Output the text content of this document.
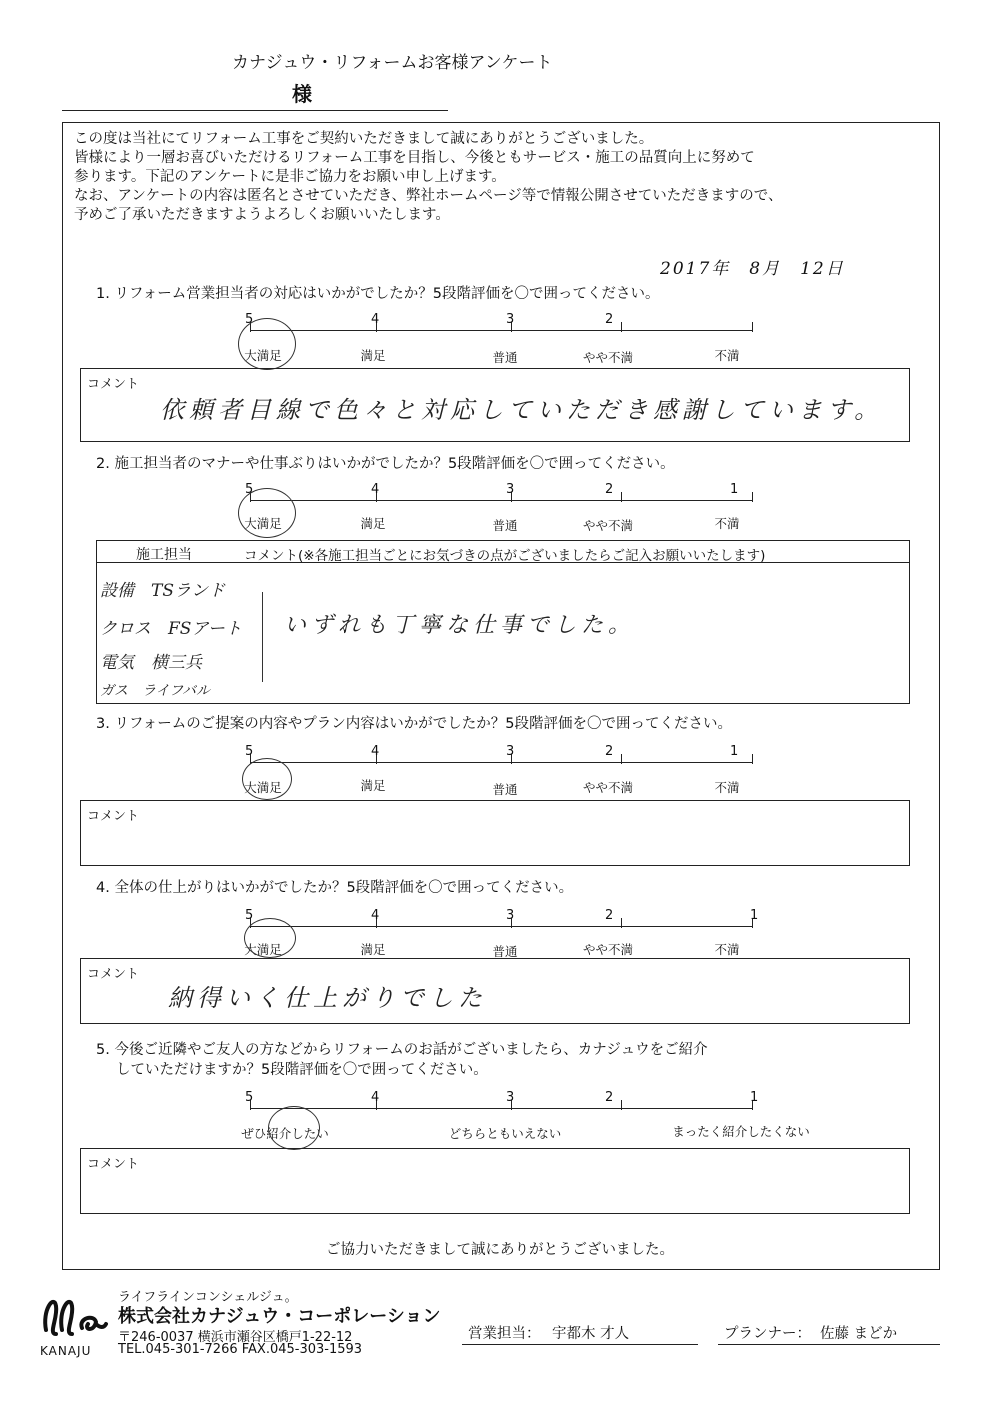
カナジュウ・リフォームお客様アンケート
様
この度は当社にてリフォーム工事をご契約いただきまして誠にありがとうございました。
皆様により一層お喜びいただけるリフォーム工事を目指し、今後ともサービス・施工の品質向上に努めて
参ります。下記のアンケートに是非ご協力をお願い申し上げます。
なお、アンケートの内容は匿名とさせていただき、弊社ホームページ等で情報公開させていただきますので、
予めご了承いただきますようよろしくお願いいたします。
2017年　8月　12日
1. リフォーム営業担当者の対応はいかがでしたか？5段階評価を〇で囲ってください。
5	4	3	2
大満足	満足	普通	やや不満	不満
コメント
依頼者目線で色々と対応していただき感謝しています。
2. 施工担当者のマナーや仕事ぶりはいかがでしたか？5段階評価を〇で囲ってください。
5	4	3	2	1
大満足	満足	普通	やや不満	不満
施工担当	コメント(※各施工担当ごとにお気づきの点がございましたらご記入お願いいたします)
設備　TSランド
クロス　FSアート
電気　横三兵
ガス　ライフバル
いずれも丁寧な仕事でした。
3. リフォームのご提案の内容やプラン内容はいかがでしたか？5段階評価を〇で囲ってください。
5	4	3	2	1
大満足	満足	普通	やや不満	不満
コメント
4. 全体の仕上がりはいかがでしたか？5段階評価を〇で囲ってください。
5	4	3	2	1
大満足	満足	普通	やや不満	不満
コメント
納得いく仕上がりでした
5. 今後ご近隣やご友人の方などからリフォームのお話がございましたら、カナジュウをご紹介
していただけますか？5段階評価を〇で囲ってください。
5	4	3	2	1
ぜひ紹介したい	どちらともいえない	まったく紹介したくない
コメント
ご協力いただきまして誠にありがとうございました。
KANAJU
ライフラインコンシェルジュ。
株式会社カナジュウ・コーポレーション
〒246-0037 横浜市瀬谷区橋戸1-22-12
TEL.045-301-7266 FAX.045-303-1593
営業担当： 宇都木 才人	プランナー： 佐藤 まどか
